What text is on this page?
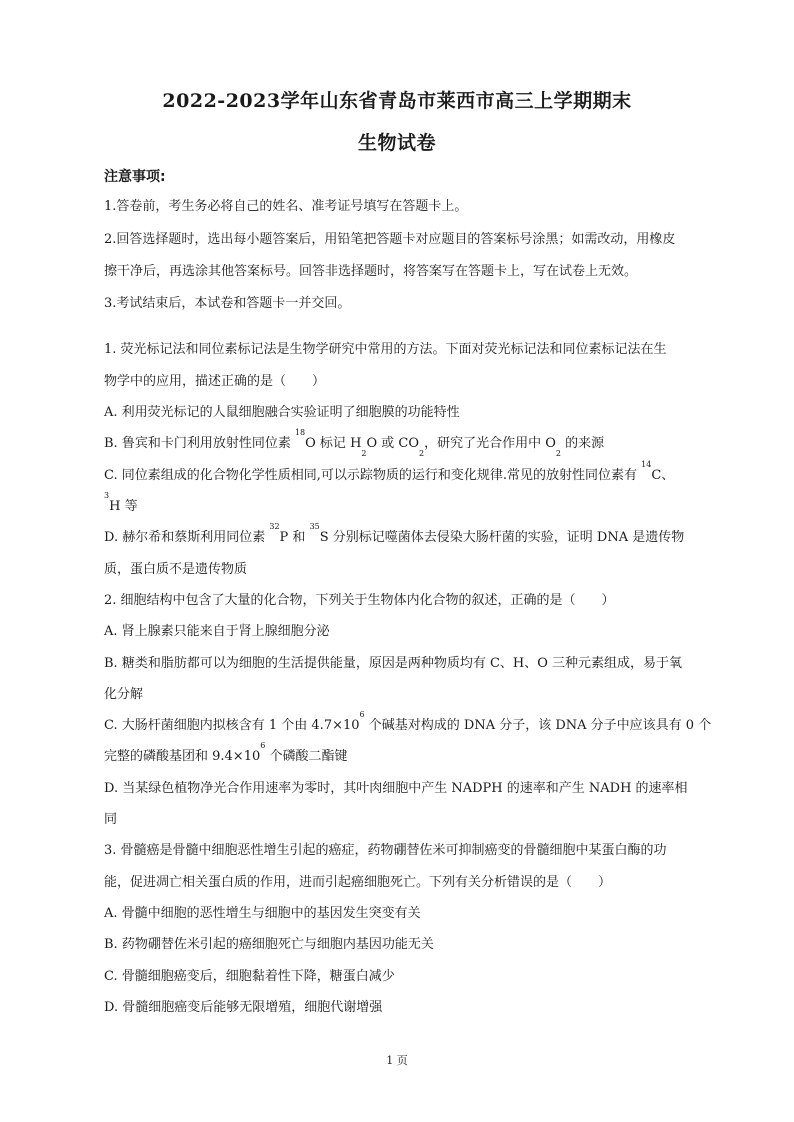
2022-2023学年山东省青岛市莱西市高三上学期期末
生物试卷
注意事项:
1.答卷前，考生务必将自己的姓名、准考证号填写在答题卡上。
2.回答选择题时，选出每小题答案后，用铅笔把答题卡对应题目的答案标号涂黑；如需改动，用橡皮
擦干净后，再选涂其他答案标号。回答非选择题时，将答案写在答题卡上，写在试卷上无效。
3.考试结束后，本试卷和答题卡一并交回。
1. 荧光标记法和同位素标记法是生物学研究中常用的方法。下面对荧光标记法和同位素标记法在生
物学中的应用，描述正确的是（　　）
A. 利用荧光标记的人鼠细胞融合实验证明了细胞膜的功能特性
B. 鲁宾和卡门利用放射性同位素 $^{18}$O 标记 $H_2O$ 或 $CO_2$，研究了光合作用中 $O_2$ 的来源
C. 同位素组成的化合物化学性质相同,可以示踪物质的运行和变化规律.常见的放射性同位素有 $^{14}$C、
$^3$H 等
D. 赫尔希和蔡斯利用同位素 $^{32}$P 和 $^{35}$S 分别标记噬菌体去侵染大肠杆菌的实验，证明 DNA 是遗传物
质，蛋白质不是遗传物质
2. 细胞结构中包含了大量的化合物，下列关于生物体内化合物的叙述，正确的是（　　）
A. 肾上腺素只能来自于肾上腺细胞分泌
B. 糖类和脂肪都可以为细胞的生活提供能量，原因是两种物质均有 C、H、O 三种元素组成，易于氧
化分解
C. 大肠杆菌细胞内拟核含有 1 个由 $4.7\times 10^6$ 个碱基对构成的 DNA 分子，该 DNA 分子中应该具有 0 个
完整的磷酸基团和 $9.4\times 10^6$ 个磷酸二酯键
D. 当某绿色植物净光合作用速率为零时，其叶肉细胞中产生 NADPH 的速率和产生 NADH 的速率相
同
3. 骨髓癌是骨髓中细胞恶性增生引起的癌症，药物硼替佐米可抑制癌变的骨髓细胞中某蛋白酶的功
能，促进凋亡相关蛋白质的作用，进而引起癌细胞死亡。下列有关分析错误的是（　　）
A. 骨髓中细胞的恶性增生与细胞中的基因发生突变有关
B. 药物硼替佐米引起的癌细胞死亡与细胞内基因功能无关
C. 骨髓细胞癌变后，细胞黏着性下降，糖蛋白减少
D. 骨髓细胞癌变后能够无限增殖，细胞代谢增强
1 页
